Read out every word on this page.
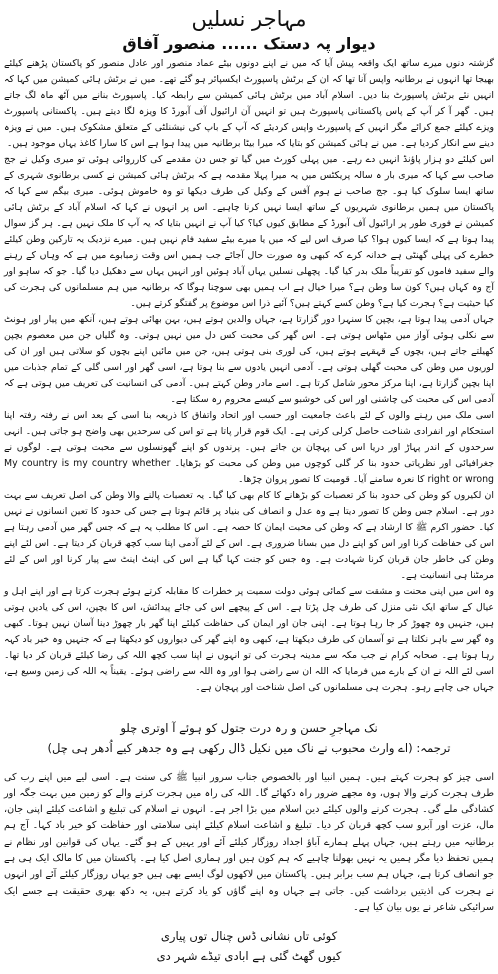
مہاجر نسلیں
دیوار پہ دستک ...... منصور آفاق

گزشتہ دنوں میرے ساتھ ایک واقعہ پیش آیا کہ میں نے اپنے دونوں بیٹے عماد منصور اور عادل منصور کو پاکستان پڑھنے کیلئے بھیجا تھا انہوں نے برطانیہ واپس آنا تھا کہ ان کے برٹش پاسپورٹ ایکسپائر ہو گئے تھے۔ میں نے برٹش ہائی کمیشن میں کہا کہ انہیں نئے برٹش پاسپورٹ بنا دیں۔ اسلام آباد میں برٹش ہائی کمیشن سے رابطہ کیا۔ پاسپورٹ بنانے میں آٹھ ماہ لگ جاتے ہیں۔ گھر آ کر آپ کے پاس پاکستانی پاسپورٹ ہیں تو انہیں آن ارائیول آف آبورڈ کا ویزہ لگا دیتے ہیں۔ پاکستانی پاسپورٹ ویزے کیلئے جمع کرائے مگر انہیں کے پاسپورٹ واپس کردیئے کہ آپ کے باپ کی نیشنلٹی کے متعلق مشکوک ہیں۔ میں نے ویزہ دینے سے انکار کردیا ہے۔ میں نے ہائی کمیشن کو بتایا کہ میرا بیٹا برطانیہ میں پیدا ہوا ہے اس کا سارا کاغذ یہاں موجود ہیں۔

اس کیلئے دو ہزار پاؤنڈ انہیں دے رہے۔ میں پہلی کورٹ میں گیا تو جس دن مقدمے کی کارروائی ہوئی تو میری وکیل نے جج صاحب سے کہا کہ میری بار ہ سالہ پریکٹس میں یہ میرا پہلا مقدمہ ہے کہ برٹش ہائی کمیشن نے کسی برطانوی شہری کے ساتھ ایسا سلوک کیا ہو۔ جج صاحب نے ہوم آفس کے وکیل کی طرف دیکھا تو وہ خاموش ہوئی۔ میری بیگم سے کہا کہ پاکستان میں ہمیں برطانوی شہریوں کے ساتھ ایسا نہیں کرنا چاہیے۔ اس پر انہوں نے کہا کہ اسلام آباد کے برٹش ہائی کمیشن نے فوری طور پر ارائیول آف آبورڈ کے مطابق کیوں کیا؟ کیا آپ نے انہیں بتایا کہ یہ آپ کا ملک نہیں ہے۔ ہر گز سوال پیدا ہوتا ہے کہ ایسا کیوں ہوا؟ کیا صرف اس لیے کہ میں یا میرے بیٹے سفید فام نہیں ہیں۔ میرے نزدیک یہ تارکین وطن کیلئے خطرے کی پہلی گھنٹی ہے خدانہ کرے کہ کبھی وہ صورت حال آجائے جب ہمیں اس وقت زمبابوے میں ہے کہ وہاں کے رہنے والے سفید فاموں کو تقریباً ملک بدر کیا گیا۔ پچھلی نسلیں یہاں آباد ہوئیں اور انہیں یہاں سے دھکیل دیا گیا۔ جو کہ ساہو اور آج وہ کہاں ہیں؟ کون سا وطن ہے؟ میرا خیال ہے اب ہمیں بھی سوچنا ہوگا کہ برطانیہ میں ہم مسلمانوں کی ہجرت کی کیا حیثیت ہے؟ ہجرت کیا ہے؟ وطن کسے کہتے ہیں؟ آئیے ذرا اس موضوع پر گفتگو کرتے ہیں۔

جہاں آدمی پیدا ہوتا ہے، بچپن کا سنہرا دور گزارتا ہے، جہاں والدین ہوتے ہیں، بہن بھائی ہوتے ہیں، آنکھ میں پیار اور ہونٹ سے نکلی ہوئی آواز میں مٹھاس ہوتی ہے۔ اس گھر کی محبت کس دل میں نہیں ہوتی۔ وہ گلیاں جن میں معصوم بچپن کھیلتے جاتے ہیں، بچوں کے قہقہے ہوتے ہیں، کی لوری بنی ہوتی ہیں، جن میں مائیں اپنے بچوں کو سلاتی ہیں اور ان کی لوریوں میں وطن کی محبت گھلی ہوتی ہے۔ آدمی انہیں یادوں سے بنا ہوتا ہے، اسی گھر اور اسی گلی کے تمام جذبات میں اپنا بچپن گزارتا ہے، اپنا مرکز محور شامل کرتا ہے۔ اسے مادر وطن کہتے ہیں۔ آدمی کی انسانیت کی تعریف میں ہوتی ہے کہ آدمی اس کی محبت کی چاشنی اور اس کی خوشبو سے کیسے محروم رہ سکتا ہے۔

اسی ملک میں رہنے والوں کے لئے باعث جامعیت اور حسب اور اتحاد واتفاق کا ذریعہ بنا اسی کے بعد اس نے رفتہ رفتہ اپنا استحکام اور انفرادی شناخت حاصل کرلی کرتی ہے۔ ایک قوم قرار پاتا ہے تو اس کی سرحدیں بھی واضح ہو جاتی ہیں۔ انہی سرحدوں کے اندر پہاڑ اور دریا اس کی پہچان بن جاتے ہیں۔ پرندوں کو اپنے گھونسلوں سے محبت ہوتی ہے۔ لوگوں نے جغرافیائی اور نظریاتی حدود بنا کر گلی کوچوں میں وطن کی محبت کو بڑھایا۔ My country is my country whether right or wrong کا نعرہ سامنے آیا۔ قومیت کا تصور پروان چڑھا۔

ان لکیروں کو وطن کی حدود بنا کر تعصبات کو بڑھانے کا کام بھی کیا گیا۔ یہ تعصبات پالنے والا وطن کی اصل تعریف سے بہت دور ہے۔ اسلام جس وطن کا تصور دیتا ہے وہ عدل و انصاف کی بنیاد پر قائم ہوتا ہے جس کی حدود کا تعین انسانوں نے نہیں کیا۔ حضور اکرم ﷺ کا ارشاد ہے کہ وطن کی محبت ایمان کا حصہ ہے۔ اس کا مطلب یہ ہے کہ جس گھر میں آدمی رہتا ہے اس کی حفاظت کرنا اور اس کو اپنے دل میں بسانا ضروری ہے۔ اس کے لئے آدمی اپنا سب کچھ قربان کر دیتا ہے۔ اس لئے اپنے وطن کی خاطر جان قربان کرنا شہادت ہے۔ وہ جس کو جنت کہا گیا ہے اس کی اینٹ اینٹ سے پیار کرنا اور اس کے لئے مرمٹنا ہی انسانیت ہے۔

وہ اس میں اپنی محنت و مشقت سے کمائی ہوئی دولت سمیت پر خطرات کا مقابلہ کرتے ہوئے ہجرت کرتا ہے اور اپنے اہل و عیال کے ساتھ ایک نئی منزل کی طرف چل پڑتا ہے۔ اس کے پیچھے اس کی جائے پیدائش، اس کا بچپن، اس کی یادیں ہوتی ہیں، جنہیں وہ چھوڑ کر جا رہا ہوتا ہے۔ اپنی جان اور ایمان کی حفاظت کیلئے اپنا گھر بار چھوڑ دینا آسان نہیں ہوتا۔ کبھی وہ گھر سے باہر نکلتا ہے تو آسمان کی طرف دیکھتا ہے، کبھی وہ اپنے گھر کی دیواروں کو دیکھتا ہے کہ جنہیں وہ خیر باد کہہ رہا ہوتا ہے۔ صحابہ کرام نے جب مکہ سے مدینہ ہجرت کی تو انہوں نے اپنا سب کچھ اللہ کی رضا کیلئے قربان کر دیا تھا۔ اسی لئے اللہ نے ان کے بارے میں فرمایا کہ اللہ ان سے راضی ہوا اور وہ اللہ سے راضی ہوئے۔ یقیناً یہ اللہ کی زمین وسیع ہے، جہاں جی چاہے رہو۔ ہجرت ہی مسلمانوں کی اصل شناخت اور پہچان ہے۔

نک مہاجرِ حسن و رہ درت جتول کو ہوئے آ اوتری چلو
ترجمہ: (اے وارث محبوب نے ناک میں نکیل ڈال رکھی ہے وہ جدھر کیے اُدھر ہی چل)

اسی چیز کو ہجرت کہتے ہیں۔ ہمیں انبیا اور بالخصوص جناب سرور انبیا ﷺ کی سنت ہے۔ اسی لیے میں اپنے رب کی طرف ہجرت کرنے والا ہوں، وہ مجھے ضرور راہ دکھائے گا۔ اللہ کی راہ میں ہجرت کرنے والے کو زمین میں بہت جگہ اور کشادگی ملے گی۔ ہجرت کرنے والوں کیلئے دین اسلام میں بڑا اجر ہے۔ انہوں نے اسلام کی تبلیغ و اشاعت کیلئے اپنی جان، مال، عزت اور آبرو سب کچھ قربان کر دیا۔ تبلیغ و اشاعت اسلام کیلئے اپنی سلامتی اور حفاظت کو خیر باد کہا۔ آج ہم برطانیہ میں رہتے ہیں، جہاں پہلے ہمارے آباؤ اجداد روزگار کیلئے آئے اور یہیں کے ہو گئے۔ یہاں کی قوانین اور نظام نے ہمیں تحفظ دیا مگر ہمیں یہ نہیں بھولنا چاہیے کہ ہم کون ہیں اور ہماری اصل کیا ہے۔ پاکستان میں کا مالک ایک ہی ہے جو انصاف کرتا ہے، جہاں ہم سب برابر ہیں۔ پاکستان میں لاکھوں لوگ ایسے بھی ہیں جو یہاں روزگار کیلئے آئے اور انہوں نے ہجرت کی اذیتیں برداشت کیں۔ جاتی ہے جہاں وہ اپنے گاؤں کو یاد کرتے ہیں، یہ دکھ بھری حقیقت ہے جسے ایک سرائیکی شاعر نے یوں بیان کیا ہے۔

کوئی تاں نشانی ڈس چنال توں پیاری
کیوں گھٹ گئی ہے ابادی تیڈے شہر دی
